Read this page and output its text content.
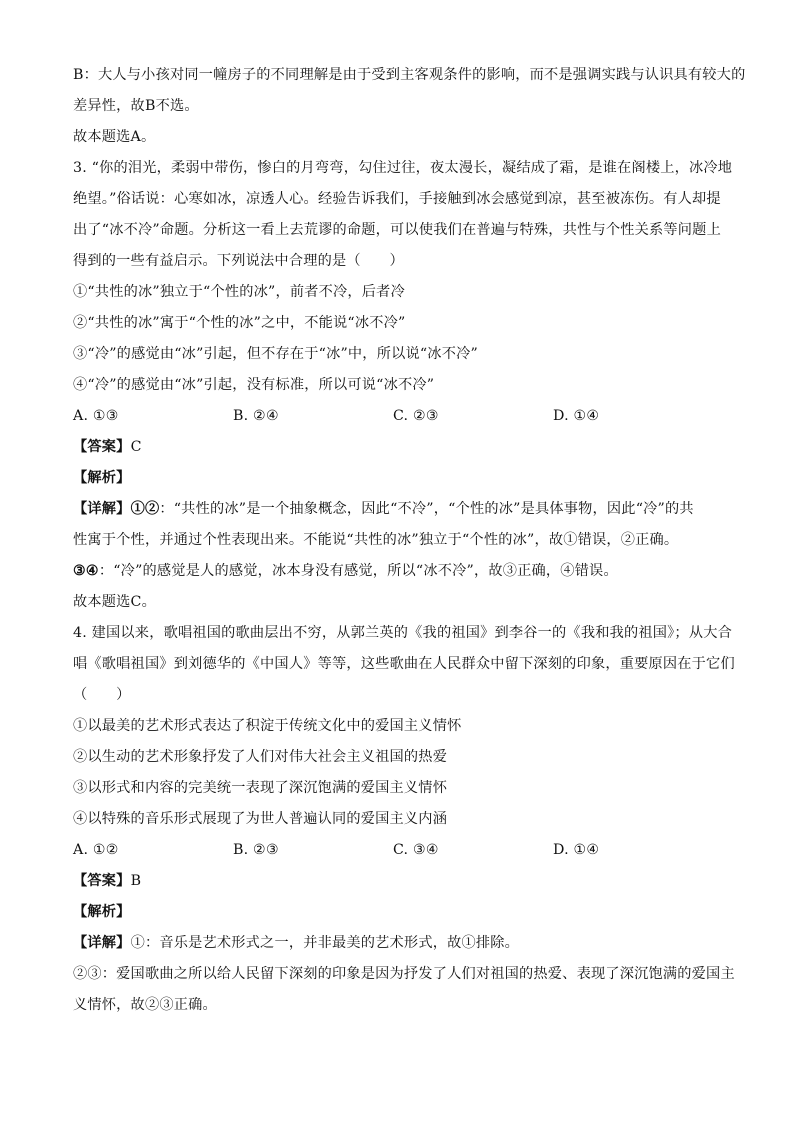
B：大人与小孩对同一幢房子的不同理解是由于受到主客观条件的影响，而不是强调实践与认识具有较大的
差异性，故B不选。
故本题选A。
3. “你的泪光，柔弱中带伤，惨白的月弯弯，勾住过往，夜太漫长，凝结成了霜，是谁在阁楼上，冰冷地
绝望。”俗话说：心寒如冰，凉透人心。经验告诉我们，手接触到冰会感觉到凉，甚至被冻伤。有人却提
出了“冰不冷”命题。分析这一看上去荒谬的命题，可以使我们在普遍与特殊，共性与个性关系等问题上
得到的一些有益启示。下列说法中合理的是（　　）
①“共性的冰”独立于“个性的冰”，前者不冷，后者冷
②“共性的冰”寓于“个性的冰”之中，不能说“冰不冷”
③“冷”的感觉由“冰”引起，但不存在于“冰”中，所以说“冰不冷”
④“冷”的感觉由“冰”引起，没有标准，所以可说“冰不冷”
A. ①③	B. ②④	C. ②③	D. ①④
【答案】C
【解析】
【详解】①②：“共性的冰”是一个抽象概念，因此“不冷”，“个性的冰”是具体事物，因此“冷”的共
性寓于个性，并通过个性表现出来。不能说“共性的冰”独立于“个性的冰”，故①错误，②正确。
③④：“冷”的感觉是人的感觉，冰本身没有感觉，所以“冰不冷”，故③正确，④错误。
故本题选C。
4. 建国以来，歌唱祖国的歌曲层出不穷，从郭兰英的《我的祖国》到李谷一的《我和我的祖国》；从大合
唱《歌唱祖国》到刘德华的《中国人》等等，这些歌曲在人民群众中留下深刻的印象，重要原因在于它们
（　　）
①以最美的艺术形式表达了积淀于传统文化中的爱国主义情怀
②以生动的艺术形象抒发了人们对伟大社会主义祖国的热爱
③以形式和内容的完美统一表现了深沉饱满的爱国主义情怀
④以特殊的音乐形式展现了为世人普遍认同的爱国主义内涵
A. ①②	B. ②③	C. ③④	D. ①④
【答案】B
【解析】
【详解】①：音乐是艺术形式之一，并非最美的艺术形式，故①排除。
②③：爱国歌曲之所以给人民留下深刻的印象是因为抒发了人们对祖国的热爱、表现了深沉饱满的爱国主
义情怀，故②③正确。
